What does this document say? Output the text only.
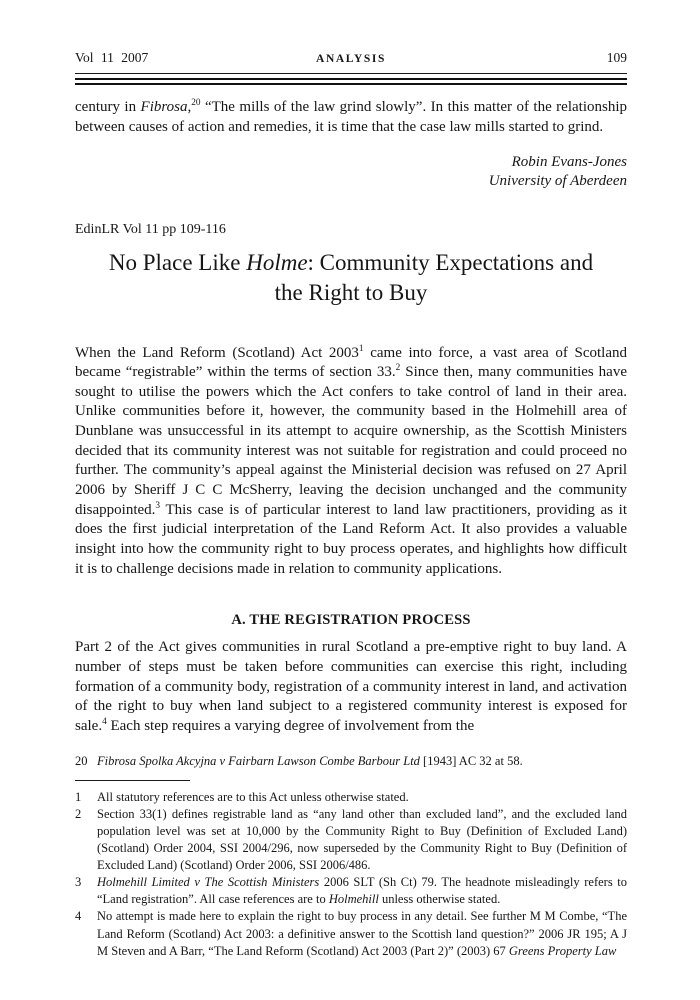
Vol 11 2007	ANALYSIS	109

century in Fibrosa,$^{20}$ “The mills of the law grind slowly”. In this matter of the relationship between causes of action and remedies, it is time that the case law mills started to grind.

Robin Evans-Jones
University of Aberdeen
EdinLR Vol 11 pp 109-116
No Place Like Holme: Community Expectations and the Right to Buy

When the Land Reform (Scotland) Act 2003$^1$ came into force, a vast area of Scotland became “registrable” within the terms of section 33.$^2$ Since then, many communities have sought to utilise the powers which the Act confers to take control of land in their area. Unlike communities before it, however, the community based in the Holmehill area of Dunblane was unsuccessful in its attempt to acquire ownership, as the Scottish Ministers decided that its community interest was not suitable for registration and could proceed no further. The community’s appeal against the Ministerial decision was refused on 27 April 2006 by Sheriff J C C McSherry, leaving the decision unchanged and the community disappointed.$^3$ This case is of particular interest to land law practitioners, providing as it does the first judicial interpretation of the Land Reform Act. It also provides a valuable insight into how the community right to buy process operates, and highlights how difficult it is to challenge decisions made in relation to community applications.

A. THE REGISTRATION PROCESS

Part 2 of the Act gives communities in rural Scotland a pre-emptive right to buy land. A number of steps must be taken before communities can exercise this right, including formation of a community body, registration of a community interest in land, and activation of the right to buy when land subject to a registered community interest is exposed for sale.$^4$ Each step requires a varying degree of involvement from the

20 Fibrosa Spolka Akcyjna v Fairbarn Lawson Combe Barbour Ltd [1943] AC 32 at 58.
1	All statutory references are to this Act unless otherwise stated.
2	Section 33(1) defines registrable land as “any land other than excluded land”, and the excluded land population level was set at 10,000 by the Community Right to Buy (Definition of Excluded Land) (Scotland) Order 2004, SSI 2004/296, now superseded by the Community Right to Buy (Definition of Excluded Land) (Scotland) Order 2006, SSI 2006/486.
3	Holmehill Limited v The Scottish Ministers 2006 SLT (Sh Ct) 79. The headnote misleadingly refers to “Land registration”. All case references are to Holmehill unless otherwise stated.
4	No attempt is made here to explain the right to buy process in any detail. See further M M Combe, “The Land Reform (Scotland) Act 2003: a definitive answer to the Scottish land question?” 2006 JR 195; A J M Steven and A Barr, “The Land Reform (Scotland) Act 2003 (Part 2)” (2003) 67 Greens Property Law
